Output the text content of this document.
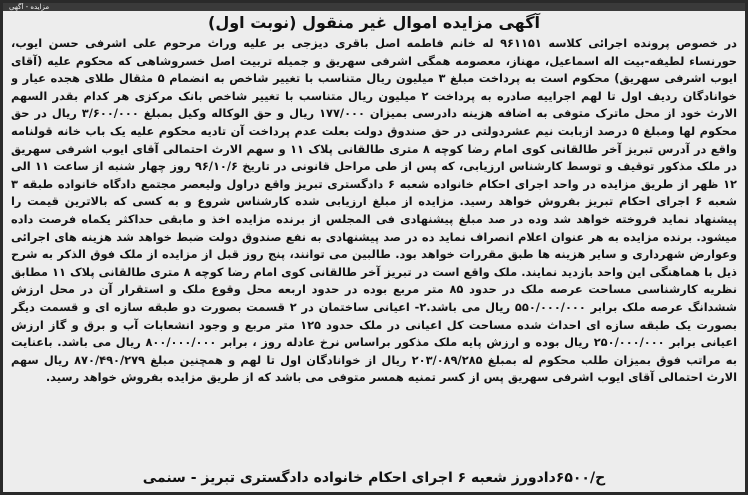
مزایده - آگهی
آگهی مزایده اموال غیر منقول (نوبت اول)
در خصوص پرونده اجرائی کلاسه ۹۶۱۱۵۱ له خانم فاطمه اصل باقری دیزجی بر علیه وراث مرحوم علی اشرفی حسن ایوب، حورنساء لطیفه-بیت اله اسماعیل، مهناز، معصومه همگی اشرفی سهریق و جمیله تربیت اصل خسروشاهی که محکوم علیه (آقای ایوب اشرفی سهریق) محکوم است به پرداخت مبلغ ۳ میلیون ریال متناسب با تغییر شاخص به انضمام ۵ مثقال طلای هجده عیار و خوانادگان ردیف اول تا لهم اجراییه صادره به پرداخت ۲ میلیون ریال متناسب با تغییر شاخص بانک مرکزی هر کدام بقدر السهم الارث خود از محل ماترک متوفی به اضافه هزینه دادرسی بمیزان ۱۷۷/۰۰۰ ریال و حق الوکاله وکیل بمبلغ ۳/۶۰۰/۰۰۰ ریال در حق محکوم لها ومبلغ ۵ درصد ازبابت نیم عشردولتی در حق صندوق دولت بعلت عدم پرداخت آن تادیه محکوم علیه یک باب خانه قولنامه واقع در آدرس تبریز آخر طالقانی کوی امام رضا کوچه ۸ متری طالقانی پلاک ۱۱ و سهم الارث احتمالی آقای ایوب اشرفی سهریق در ملک مذکور توقیف و توسط کارشناس ارزیابی، که پس از طی مراحل قانونی در تاریخ ۹۶/۱۰/۶ روز چهار شنبه از ساعت ۱۱ الی ۱۲ ظهر از طریق مزایده در واحد اجرای احکام خانواده شعبه ۶ دادگستری تبریز واقع دراول ولیعصر مجتمع دادگاه خانواده طبقه ۳ شعبه ۶ اجرای احکام تبریز بفروش خواهد رسید. مزایده از مبلغ ارزیابی شده کارشناس شروع و به کسی که بالاترین قیمت را پیشنهاد نماید فروخته خواهد شد وده در صد مبلغ پیشنهادی فی المجلس از برنده مزایده اخذ و مابقی حداکثر یکماه فرصت داده میشود. برنده مزایده به هر عنوان اعلام انصراف نماید ده در صد پیشنهادی به نفع صندوق دولت ضبط خواهد شد هزینه های اجرائی وعوارض شهرداری و سایر هزینه ها طبق مقررات خواهد بود. طالبین می توانند، پنج روز قبل از مزایده از ملک فوق الذکر به شرح ذیل با هماهنگی این واحد بازدید نمایند. ملک واقع است در تبریز آخر طالقانی کوی امام رضا کوچه ۸ متری طالقانی پلاک ۱۱ مطابق نظریه کارشناسی مساحت عرصه ملک در حدود ۸۵ متر مربع بوده در حدود اربعه محل وقوع ملک و استقرار آن در محل ارزش ششدانگ عرصه ملک برابر ۵۵۰/۰۰۰/۰۰۰ ریال می باشد.۲- اعیانی ساختمان در ۲ قسمت بصورت دو طبقه سازه ای و قسمت دیگر بصورت یک طبقه سازه ای احداث شده مساحت کل اعیانی در ملک حدود ۱۲۵ متر مربع و وجود انشعابات آب و برق و گاز ارزش اعیانی برابر ۲۵۰/۰۰۰/۰۰۰ ریال بوده و ارزش پایه ملک مذکور براساس نرخ عادله روز ، برابر ۸۰۰/۰۰۰/۰۰۰ ریال می باشد. باعنایت به مراتب فوق بمیزان طلب محکوم له بمبلغ ۲۰۳/۰۸۹/۲۸۵ ریال از خوانادگان اول تا لهم و همچنین مبلغ ۸۷۰/۴۹۰/۲۷۹ ریال سهم الارث احتمالی آقای ایوب اشرفی سهریق پس از کسر تمنیه همسر متوفی می باشد که از طریق مزایده بفروش خواهد رسید.
ح/۶۵۰۰دادورز شعبه ۶ اجرای احکام خانواده دادگستری تبریز - سنمی
